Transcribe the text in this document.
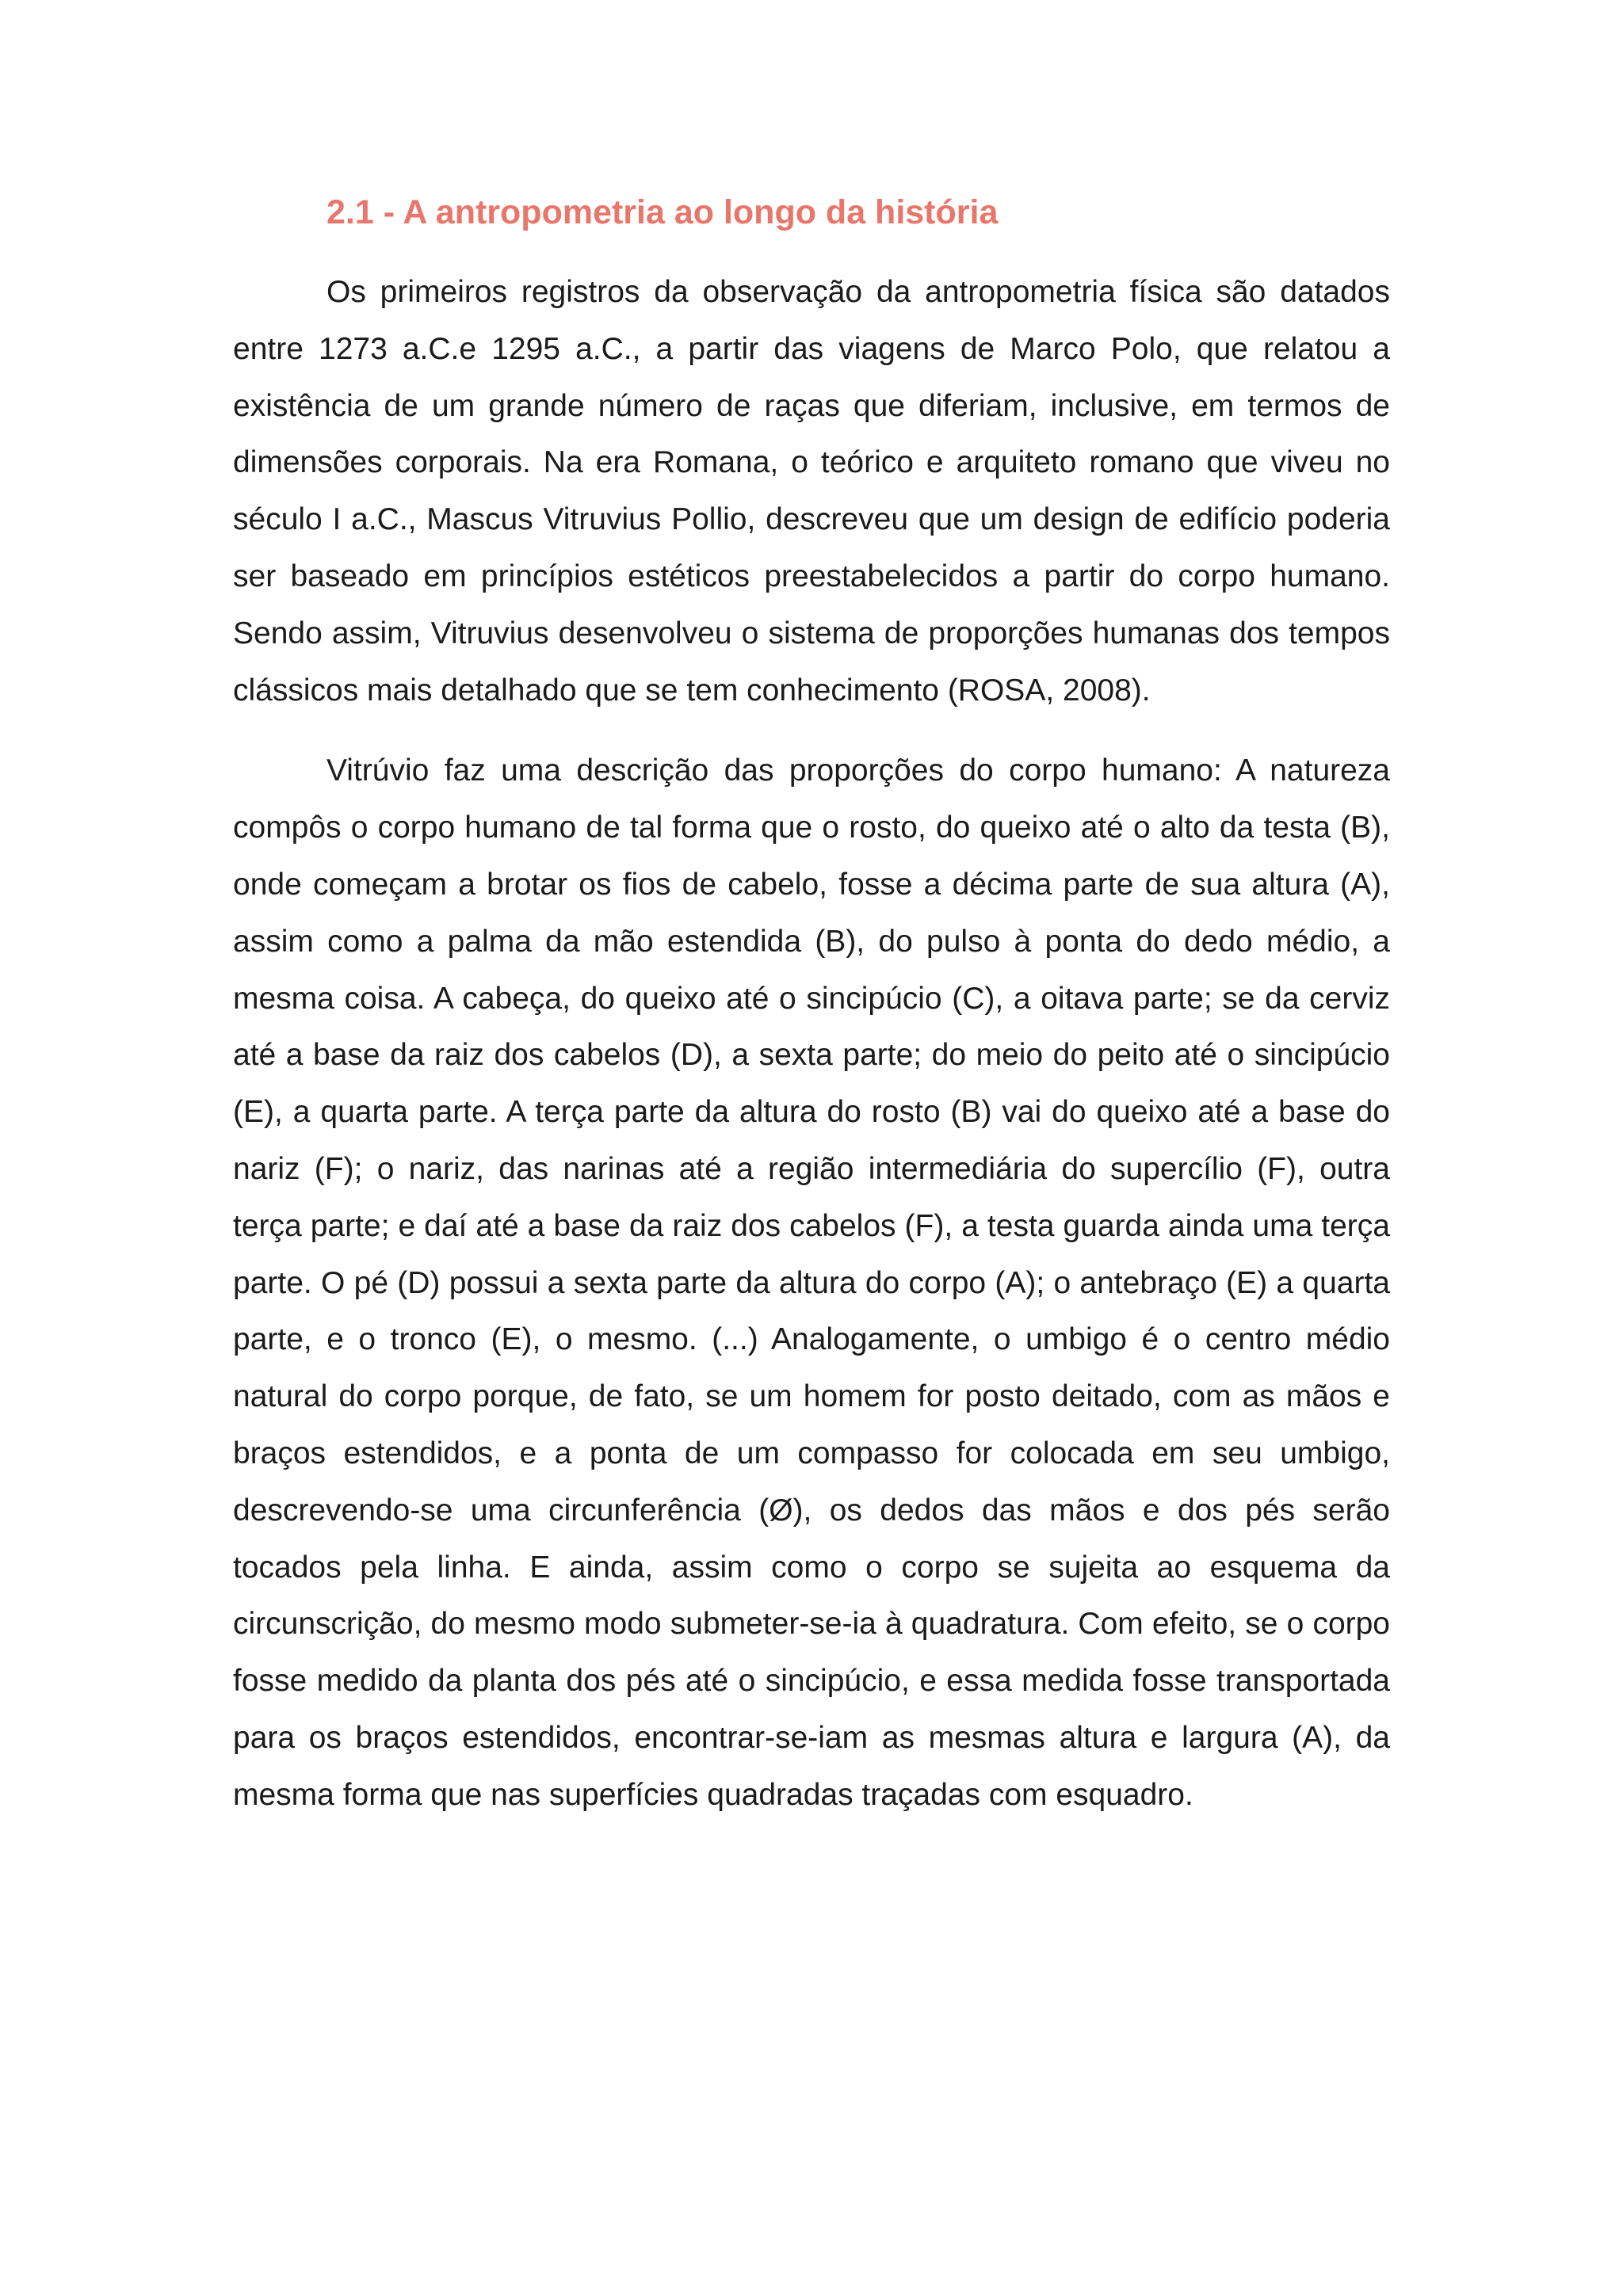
2.1 - A antropometria ao longo da história

Os primeiros registros da observação da antropometria física são datados entre 1273 a.C.e 1295 a.C., a partir das viagens de Marco Polo, que relatou a existência de um grande número de raças que diferiam, inclusive, em termos de dimensões corporais. Na era Romana, o teórico e arquiteto romano que viveu no século I a.C., Mascus Vitruvius Pollio, descreveu que um design de edifício poderia ser baseado em princípios estéticos preestabelecidos a partir do corpo humano. Sendo assim, Vitruvius desenvolveu o sistema de proporções humanas dos tempos clássicos mais detalhado que se tem conhecimento (ROSA, 2008).

Vitrúvio faz uma descrição das proporções do corpo humano: A natureza compôs o corpo humano de tal forma que o rosto, do queixo até o alto da testa (B), onde começam a brotar os fios de cabelo, fosse a décima parte de sua altura (A), assim como a palma da mão estendida (B), do pulso à ponta do dedo médio, a mesma coisa. A cabeça, do queixo até o sincipúcio (C), a oitava parte; se da cerviz até a base da raiz dos cabelos (D), a sexta parte; do meio do peito até o sincipúcio (E), a quarta parte. A terça parte da altura do rosto (B) vai do queixo até a base do nariz (F); o nariz, das narinas até a região intermediária do supercílio (F), outra terça parte; e daí até a base da raiz dos cabelos (F), a testa guarda ainda uma terça parte. O pé (D) possui a sexta parte da altura do corpo (A); o antebraço (E) a quarta parte, e o tronco (E), o mesmo. (...) Analogamente, o umbigo é o centro médio natural do corpo porque, de fato, se um homem for posto deitado, com as mãos e braços estendidos, e a ponta de um compasso for colocada em seu umbigo, descrevendo-se uma circunferência (Ø), os dedos das mãos e dos pés serão tocados pela linha. E ainda, assim como o corpo se sujeita ao esquema da circunscrição, do mesmo modo submeter-se-ia à quadratura. Com efeito, se o corpo fosse medido da planta dos pés até o sincipúcio, e essa medida fosse transportada para os braços estendidos, encontrar-se-iam as mesmas altura e largura (A), da mesma forma que nas superfícies quadradas traçadas com esquadro.
